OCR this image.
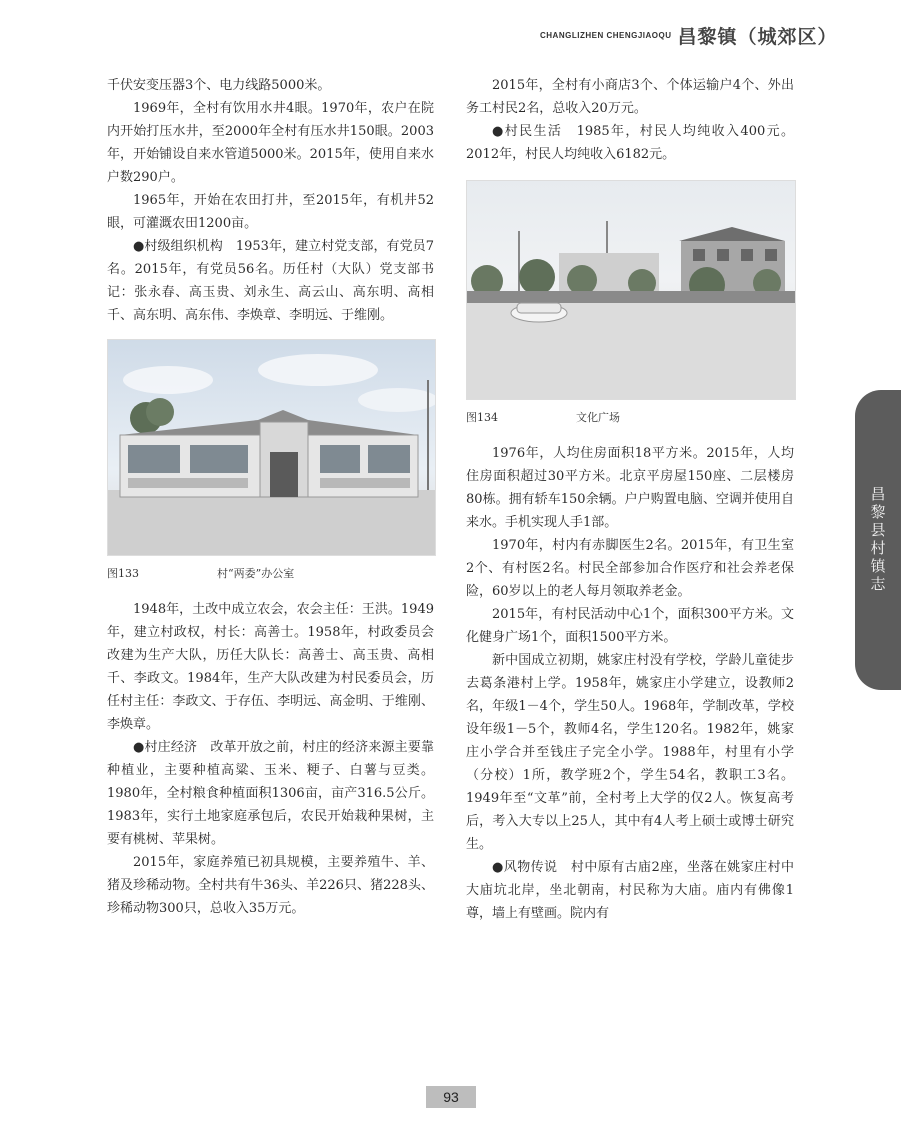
CHANGLIZHEN CHENGJIAOQU 昌黎镇（城郊区）
昌黎县村镇志

千伏安变压器3个、电力线路5000米。

1969年，全村有饮用水井4眼。1970年，农户在院内开始打压水井，至2000年全村有压水井150眼。2003年，开始铺设自来水管道5000米。2015年，使用自来水户数290户。

1965年，开始在农田打井，至2015年，有机井52眼，可灌溉农田1200亩。

●村级组织机构　1953年，建立村党支部，有党员7名。2015年，有党员56名。历任村（大队）党支部书记：张永春、高玉贵、刘永生、高云山、高东明、高相千、高东明、高东伟、李焕章、李明远、于维刚。

图133	村“两委”办公室

1948年，土改中成立农会，农会主任：王洪。1949年，建立村政权，村长：高善士。1958年，村政委员会改建为生产大队，历任大队长：高善士、高玉贵、高相千、李政文。1984年，生产大队改建为村民委员会，历任村主任：李政文、于存伍、李明远、高金明、于维刚、李焕章。

●村庄经济　改革开放之前，村庄的经济来源主要靠种植业，主要种植高粱、玉米、粳子、白薯与豆类。1980年，全村粮食种植面积1306亩，亩产316.5公斤。1983年，实行土地家庭承包后，农民开始栽种果树，主要有桃树、苹果树。

2015年，家庭养殖已初具规模，主要养殖牛、羊、猪及珍稀动物。全村共有牛36头、羊226只、猪228头、珍稀动物300只，总收入35万元。

2015年，全村有小商店3个、个体运输户4个、外出务工村民2名，总收入20万元。

●村民生活　1985年，村民人均纯收入400元。2012年，村民人均纯收入6182元。

图134	文化广场

1976年，人均住房面积18平方米。2015年，人均住房面积超过30平方米。北京平房屋150座、二层楼房80栋。拥有轿车150余辆。户户购置电脑、空调并使用自来水。手机实现人手1部。

1970年，村内有赤脚医生2名。2015年，有卫生室2个、有村医2名。村民全部参加合作医疗和社会养老保险，60岁以上的老人每月领取养老金。

2015年，有村民活动中心1个，面积300平方米。文化健身广场1个，面积1500平方米。

新中国成立初期，姚家庄村没有学校，学龄儿童徒步去葛条港村上学。1958年，姚家庄小学建立，设教师2名，年级1－4个，学生50人。1968年，学制改革，学校设年级1－5个，教师4名，学生120名。1982年，姚家庄小学合并至钱庄子完全小学。1988年，村里有小学（分校）1所，教学班2个，学生54名，教职工3名。1949年至“文革”前，全村考上大学的仅2人。恢复高考后，考入大专以上25人，其中有4人考上硕士或博士研究生。

●风物传说　村中原有古庙2座，坐落在姚家庄村中大庙坑北岸，坐北朝南，村民称为大庙。庙内有佛像1尊，墙上有壁画。院内有

93
